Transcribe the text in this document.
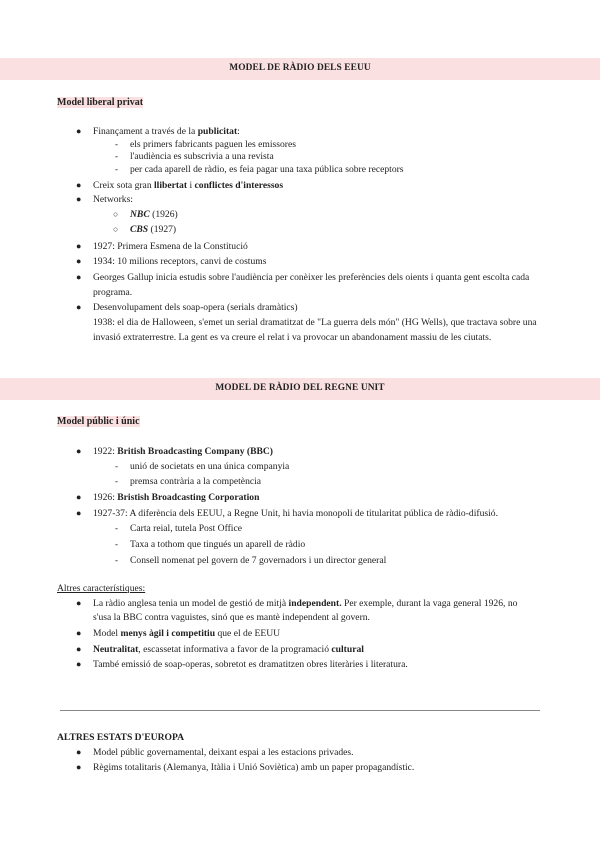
MODEL DE RÀDIO DELS EEUU
Model liberal privat
● Finançament a través de la publicitat:
- els primers fabricants paguen les emissores
- l'audiència es subscrivia a una revista
- per cada aparell de ràdio, es feia pagar una taxa pública sobre receptors
● Creix sota gran llibertat i conflictes d'interessos
● Networks:
○ NBC (1926)
○ CBS (1927)
● 1927: Primera Esmena de la Constitució
● 1934: 10 milions receptors, canvi de costums
● Georges Gallup inicia estudis sobre l'audiència per conèixer les preferències dels oients i quanta gent escolta cada
programa.
● Desenvolupament dels soap-opera (serials dramàtics)
1938: el dia de Halloween, s'emet un serial dramatitzat de "La guerra dels món" (HG Wells), que tractava sobre una
invasió extraterrestre. La gent es va creure el relat i va provocar un abandonament massiu de les ciutats.
MODEL DE RÀDIO DEL REGNE UNIT
Model públic i únic
● 1922: British Broadcasting Company (BBC)
- unió de societats en una única companyia
- premsa contrària a la competència
● 1926: Bristish Broadcasting Corporation
● 1927-37: A diferència dels EEUU, a Regne Unit, hi havia monopoli de titularitat pública de ràdio-difusió.
- Carta reial, tutela Post Office
- Taxa a tothom que tingués un aparell de ràdio
- Consell nomenat pel govern de 7 governadors i un director general
Altres característiques:
● La ràdio anglesa tenia un model de gestió de mitjà independent. Per exemple, durant la vaga general 1926, no
s'usa la BBC contra vaguistes, sinó que es mantè independent al govern.
● Model menys àgil i competitiu que el de EEUU
● Neutralitat, escassetat informativa a favor de la programació cultural
● També emissió de soap-operas, sobretot es dramatitzen obres literàries i literatura.
ALTRES ESTATS D'EUROPA
● Model públic governamental, deixant espai a les estacions privades.
● Règims totalitaris (Alemanya, Itàlia i Unió Soviètica) amb un paper propagandístic.
